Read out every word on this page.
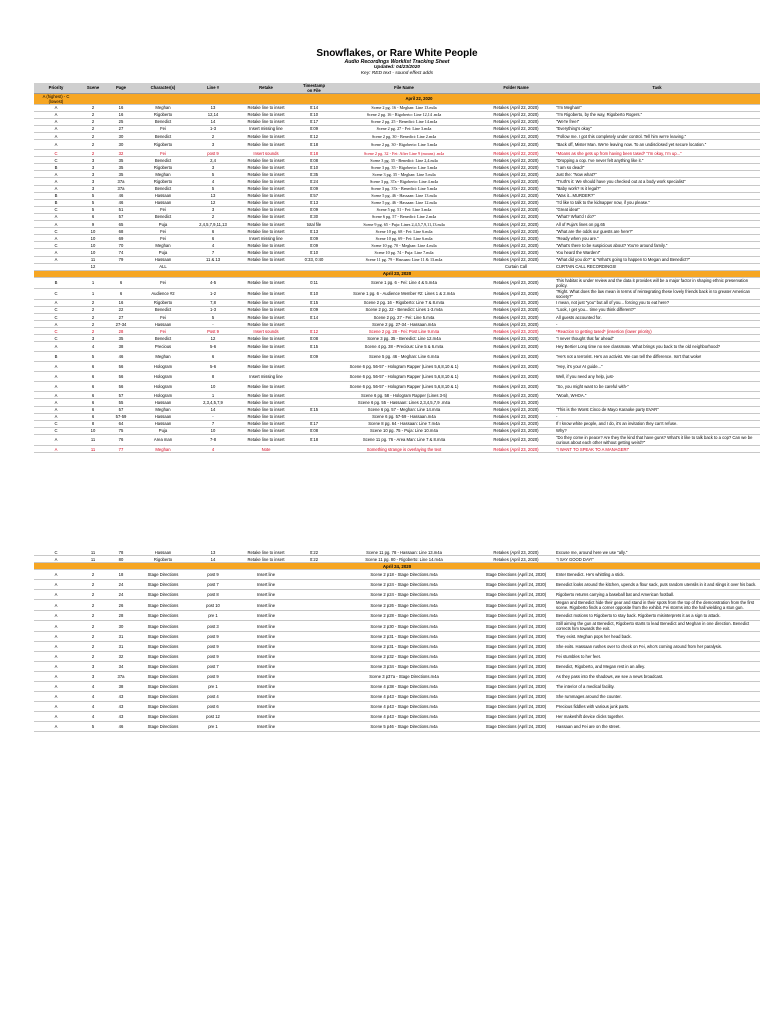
Snowflakes, or Rare White People
Audio Recordings Worklist Tracking Sheet
Updated: 04/23/2020
Key: RED text - sound effect adds
Priority	Scene	Page	Character(s)	Line #	Retake	Timestamp on File	File Name	Folder Name	Task
A (highest) - C (lowest)	April 22, 2020								
A	2	16	Meghan	13	Retake line to insert	0:14	Scene 2 pg. 16 - Meghan: Line 13.m4a	Retakes (April 22, 2020)	"I'm Meghan!"
A	2	16	Rigoberto	12,14	Retake line to insert	0:10	Scene 2 pg. 16 - Rigoberto: Line 12,14 .m4a	Retakes (April 22, 2020)	"I'm Rigoberto, by the way, Rigoberto Rogers."
A	2	25	Benedict	14	Retake line to insert	0:17	Scene 2 pg. 25 - Benedict: Line 14.m4a	Retakes (April 22, 2020)	"We're free!"
A	2	27	Fei	1-3	Insert missing line	0:09	Scene 2 pg. 27 - Fei: Line 3.m4a	Retakes (April 22, 2020)	"Everything's okay"
A	2	30	Benedict	2	Retake line to insert	0:12	Scene 2 pg. 30 - Benedict: Line 2.m4a	Retakes (April 22, 2020)	"Follow me. I got this completely under control. Tell him we're leaving."
A	2	30	Rigoberto	3	Retake line to insert	0:18	Scene 2 pg. 30 - Rigoberto: Line 3.m4a	Retakes (April 22, 2020)	"Back off, Mister Man. We're leaving now. To an undisclosed yet secure location."
C	2	32	Fei	post 9	Insert sounds	0:18	Scene 2 pg. 32 - Fei: After Line 9 (moans) .m4a	Retakes (April 22, 2020)	*Moans as she gets up from having been tased* "I'm okay, I'm up..."
C	3	35	Benedict	2,4	Retake line to insert	0:08	Scene 3 pg. 35 - Benedict: Line 2,4.m4a	Retakes (April 22, 2020)	"Dropping a cop. I've never felt anything like it."
B	3	35	Rigoberto	3	Retake line to insert	0:10	Scene 3 pg. 35 - Rigoberto: Line 3.m4a	Retakes (April 22, 2020)	"I am so dead!"
A	3	35	Meghan	5	Retake line to insert	0:35	Scene 3 pg. 35 - Meghan: Line 5.m4a	Retakes (April 22, 2020)	Just the: "Now what?"
A	3	37a	Rigoberto	4	Retake line to insert	0:24	Scene 3 pg. 37a - Rigoberto: Line 4.m4a	Retakes (April 22, 2020)	"Truth's it: We should have you checked out at a body work specialist"
A	3	37a	Benedict	5	Retake line to insert	0:09	Scene 3 pg. 37a - Benedict: Line 5.m4a	Retakes (April 22, 2020)	"Baby work? Is it legal?"
B	5	46	Hassaan	13	Retake line to insert	0:57	Scene 5 pg. 46 - Hassaan: Line 13.m4a	Retakes (April 22, 2020)	"Was it...MURDER?"
B	5	46	Hassaan	12	Retake line to insert	0:13	Scene 5 pg. 46 - Hassaan: Line 12.m4a	Retakes (April 22, 2020)	"I'd like to talk to the kidnapper now, if you please."
C	5	51	Fei	3	Retake line to insert	0:09	Scene 5 pg. 51 - Fei: Line 3.m4a	Retakes (April 22, 2020)	"Great idea!"
A	6	57	Benedict	2	Retake line to insert	0:30	Scene 6 pg. 57 - Benedict: Line 2.m4a	Retakes (April 22, 2020)	"What? What'd I do?"
A	9	65	Puja	2,4,5,7,9,11,13	Retake line to insert	total file	Scene 9 pg. 65 - Puja: Lines 2,4,5,7,9,11,13.m4a	Retakes (April 22, 2020)	All of Puja's lines on pg.65
C	10	68	Fei	6	Retake line to insert	0:13	Scene 10 pg. 68 - Fei: Line 6.m4a	Retakes (April 22, 2020)	"What are the odds our guests are here?"
A	10	69	Fei	6	Insert missing line	0:09	Scene 10 pg. 69 - Fei: Line 6.m4a	Retakes (April 22, 2020)	"Ready when you are."
C	10	70	Meghan	4	Retake line to insert	0:09	Scene 10 pg. 70 - Meghan: Line 4.m4a	Retakes (April 22, 2020)	"What's there to be suspicious about? You're around family."
A	10	74	Puja	7	Retake line to insert	0:10	Scene 10 pg. 74 - Puja: Line 7.m4a	Retakes (April 22, 2020)	You heard the Warden!"
A	11	79	Hassaan	11 & 13	Retake line to insert	0:33, 0:40	Scene 11 pg. 79 - Hassaan: Line 11 & 13.m4a	Retakes (April 22, 2020)	"What did you do?" & "What's going to happen to Megan and Benedict?"
	12		ALL					Curtain Call	CURTAIN CALL RECORDINGS!
April 23, 2020									
B	1	6	Fei	4-5	Retake line to insert	0:11	Scene 1 pg. 6 - Fei: Line 4 & 5.m4a	Retakes (April 23, 2020)	This habitat is under review and the data it provides will be a major factor in shaping ethnic preservation policy.
C	1	6	Audience #2	1-2	Retake line to insert	0:10	Scene 1 pg. 6 - Audience Member #2: Lines 1 & 2.m4a	Retakes (April 23, 2020)	"Right. What does the law mean in terms of reintegrating these lovely friends back in to greater American society?"
A	2	16	Rigoberto	7,8	Retake line to insert	0:15	Scene 2 pg. 16 - Rigoberto: Line 7 & 8.m4a	Retakes (April 23, 2020)	I mean, not just "you" but all of you... forcing you to eat here?
C	2	22	Benedict	1-3	Retake line to insert	0:09	Scene 2 pg. 22 - Benedict: Lines 1-3.m4a	Retakes (April 23, 2020)	"Look, I get you... time you think different?"
C	2	27	Fei	5	Retake line to insert	0:14	Scene 2 pg. 27 - Fei: Line 5.m4a	Retakes (April 23, 2020)	All guests accounted for.
A	2	27-34	Hassaan	-	Retake line to insert		Scene 2 pg. 27-34 - Hassaan.m4a	Retakes (April 23, 2020)	-
C	2	28	Fei	Post 9	Insert sounds	0:12	Scene 2 pg. 28 - Fei: Post Line 9.m4a	Retakes (April 23, 2020)	*Reaction to getting tased* (insertion (lower priority)
C	3	35	Benedict	12	Retake line to insert	0:08	Scene 3 pg. 35 - Benedict: Line 12.m4a	Retakes (April 23, 2020)	"I never thought that far ahead"
A	4	38	Precious	5-6	Retake line to insert	0:15	Scene 4 pg. 38 - Precious: Line 5 & 6.m4a	Retakes (April 23, 2020)	Hey Bertie! Long time no see classmate. What brings you back to the old neighborhood?
B	5	46	Meghan	6	Retake line to insert	0:09	Scene 5 pg. 46 - Meghan: Line 6.m4a	Retakes (April 23, 2020)	"He's not a terrorist. He's an activist. We can tell the difference. Isn't that woke!
A	6	56	Hologram	5-6	Retake line to insert		Scene 6 pg. 56-57 - Hologram Rapper (Lines 5,6,8,10 & 1)	Retakes (April 23, 2020)	"Hey, it's your AI guide..."
A	6	56	Hologram	8	Insert missing line		Scene 6 pg. 56-57 - Hologram Rapper (Lines 5,6,8,10 & 1)	Retakes (April 23, 2020)	Well, if you need any help, just-
A	6	56	Hologram	10	Retake line to insert		Scene 6 pg. 56-57 - Hologram Rapper (Lines 5,6,8,10 & 1)	Retakes (April 23, 2020)	"So, you might want to be careful with-"
A	6	57	Hologram	1	Retake line to insert		Scene 6 pg. 58 - Hologram Rapper (Lines 3-5)	Retakes (April 23, 2020)	"Woah, WHOA."
A	6	55	Hassaan	2,3,4,5,7,9	Retake line to insert		Scene 6 pg. 55 - Hassaan: Lines 2,3,4,5,7,9 .m4a	Retakes (April 23, 2020)	
A	6	57	Meghan	14	Retake line to insert	0:15	Scene 6 pg. 57 - Meghan: Line 14.m4a	Retakes (April 23, 2020)	"This is the Worst Cinco de Mayo Karaoke party EVAR"
A	6	57-59	Hassaan	-	Retake line to insert		Scene 6 pg. 57-59 - Hassaan.m4a	Retakes (April 23, 2020)	-
C	8	64	Hassaan	7	Retake line to insert	0:17	Scene 8 pg. 64 - Hassaan: Line 7.m4a	Retakes (April 23, 2020)	If I know white people, and I do, it's an invitation they can't refuse.
C	10	75	Puja	10	Retake line to insert	0:08	Scene 10 pg. 75 - Puja: Line 10.m4a	Retakes (April 23, 2020)	Why?
A	11	76	Area man	7-8	Retake line to insert	0:18	Scene 11 pg. 76 - Area Man: Line 7 & 8.m4a	Retakes (April 23, 2020)	"Do they come in peace? Are they the kind that have guns? What's it like to talk back to a cop? Can we be curious about each other without getting weird?"
A	11	77	Meghan	4	Note		Something strange is overlaying the text	Retakes (April 23, 2020)	"I WANT TO SPEAK TO A MANAGER!"

C	11	78	Hassaan	13	Retake line to insert	0:22	Scene 11 pg. 78 - Hassaan: Line 13.m4a	Retakes (April 23, 2020)	Excuse me, around here we use "ally."
A	11	80	Rigoberto	14	Retake line to insert	0:22	Scene 11 pg. 80 - Rigoberto: Line 14.m4a	Retakes (April 23, 2020)	"I SAY GOOD DAY!"
April 24, 2020									
A	2	18	Stage Directions	post 9	Insert line		Scene 2 p18 - Stage Directions.m4a	Stage Directions (April 24, 2020)	Enter Benedict. He's whittling a stick.
A	2	24	Stage Directions	post 7	Insert line		Scene 2 p24 - Stage Directions.m4a	Stage Directions (April 24, 2020)	Benedict looks around the kitchen, upends a flour sack, puts random utensils in it and slings it over his back.
A	2	24	Stage Directions	post 8	Insert line		Scene 2 p24 - Stage Directions.m4a	Stage Directions (April 24, 2020)	Rigoberto returns carrying a baseball bat and American football.
A	2	26	Stage Directions	post 10	Insert line		Scene 2 p26 - Stage Directions.m4a	Stage Directions (April 24, 2020)	Megan and Benedict hide their gear and stand in their spots from the top of the demonstration from the first scene. Rigoberto finds a corner opposite from the exhibit. Fei storms into the hall wielding a stun gun.
A	2	28	Stage Directions	pre 1	Insert line		Scene 2 p28 - Stage Directions.m4a	Stage Directions (April 24, 2020)	Benedict motions to Rigoberto to stay back. Rigoberto misinterprets it as a sign to attack.
A	2	30	Stage Directions	post 3	Insert line		Scene 2 p30 - Stage Directions.m4a	Stage Directions (April 24, 2020)	Still aiming the gun at Benedict, Rigoberto starts to lead Benedict and Meghan in one direction. Benedict corrects him towards the exit.
A	2	31	Stage Directions	post 9	Insert line		Scene 2 p31 - Stage Directions.m4a	Stage Directions (April 24, 2020)	They exist. Meghan pops her head back.
A	2	31	Stage Directions	post 9	Insert line		Scene 2 p31 - Stage Directions.m4a	Stage Directions (April 24, 2020)	She exits. Hassaan rushes over to check on Fei, who's coming around from her paralysis.
A	2	32	Stage Directions	post 9	Insert line		Scene 2 p32 - Stage Directions.m4a	Stage Directions (April 24, 2020)	Fei stumbles to her feet.
A	3	34	Stage Directions	post 7	Insert line		Scene 3 p34 - Stage Directions.m4a	Stage Directions (April 24, 2020)	Benedict, Rigoberto, and Megan rest in an alley.
A	3	37a	Stage Directions	post 9	Insert line		Scene 3 p37a - Stage Directions.m4a	Stage Directions (April 24, 2020)	As they pass into the shadows, we see a news broadcast.
A	4	38	Stage Directions	pre 1	Insert line		Scene 4 p38 - Stage Directions.m4a	Stage Directions (April 24, 2020)	The interior of a medical facility.
A	4	43	Stage Directions	post 4	Insert line		Scene 4 p43 - Stage Directions.m4a	Stage Directions (April 24, 2020)	She rummages around the counter.
A	4	43	Stage Directions	post 6	Insert line		Scene 4 p43 - Stage Directions.m4a	Stage Directions (April 24, 2020)	Precious fiddles with various junk parts.
A	4	43	Stage Directions	post 12	Insert line		Scene 4 p43 - Stage Directions.m4a	Stage Directions (April 24, 2020)	Her makeshift device clicks together.
A	5	46	Stage Directions	pre 1	Insert line		Scene 5 p46 - Stage Directions.m4a	Stage Directions (April 24, 2020)	Hassaan and Fei are on the street.
